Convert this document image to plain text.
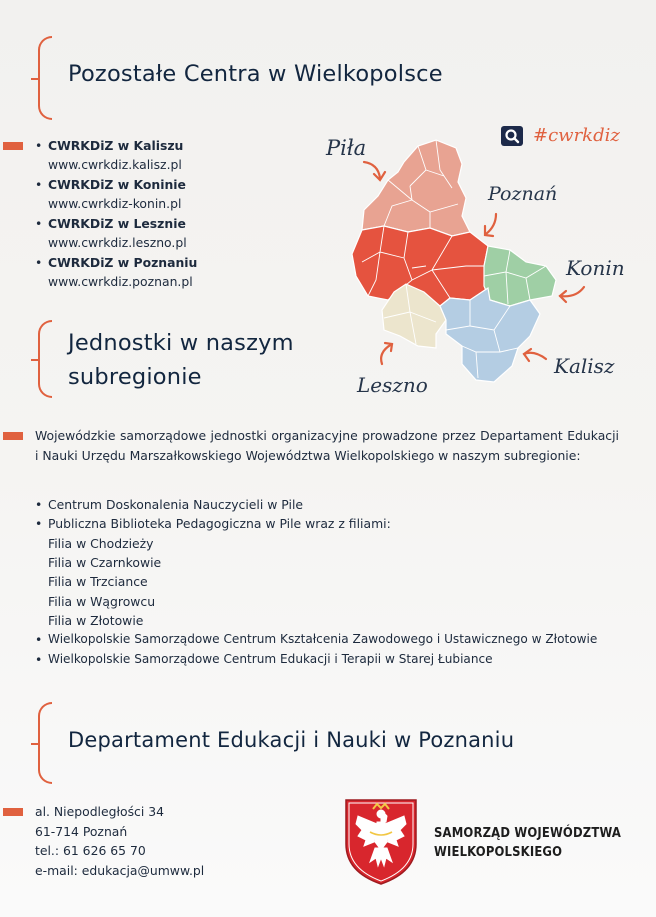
Pozostałe Centra w Wielkopolsce
• CWRKDiZ w Kaliszu
www.cwrkdiz.kalisz.pl
• CWRKDiZ w Koninie
www.cwrkdiz-konin.pl
• CWRKDiZ w Lesznie
www.cwrkdiz.leszno.pl
• CWRKDiZ w Poznaniu
www.cwrkdiz.poznan.pl
#cwrkdiz
Piła
Poznań
Konin
Kalisz
Leszno
Jednostki w naszym
subregionie
Wojewódzkie samorządowe jednostki organizacyjne prowadzone przez Departament Edukacji i Nauki Urzędu Marszałkowskiego Województwa Wielkopolskiego w naszym subregionie:
• Centrum Doskonalenia Nauczycieli w Pile
• Publiczna Biblioteka Pedagogiczna w Pile wraz z filiami:
Filia w Chodzieży
Filia w Czarnkowie
Filia w Trzciance
Filia w Wągrowcu
Filia w Złotowie
• Wielkopolskie Samorządowe Centrum Kształcenia Zawodowego i Ustawicznego w Złotowie
• Wielkopolskie Samorządowe Centrum Edukacji i Terapii w Starej Łubiance
Departament Edukacji i Nauki w Poznaniu
al. Niepodległości 34
61-714 Poznań
tel.: 61 626 65 70
e-mail: edukacja@umww.pl
SAMORZĄD WOJEWÓDZTWA
WIELKOPOLSKIEGO
